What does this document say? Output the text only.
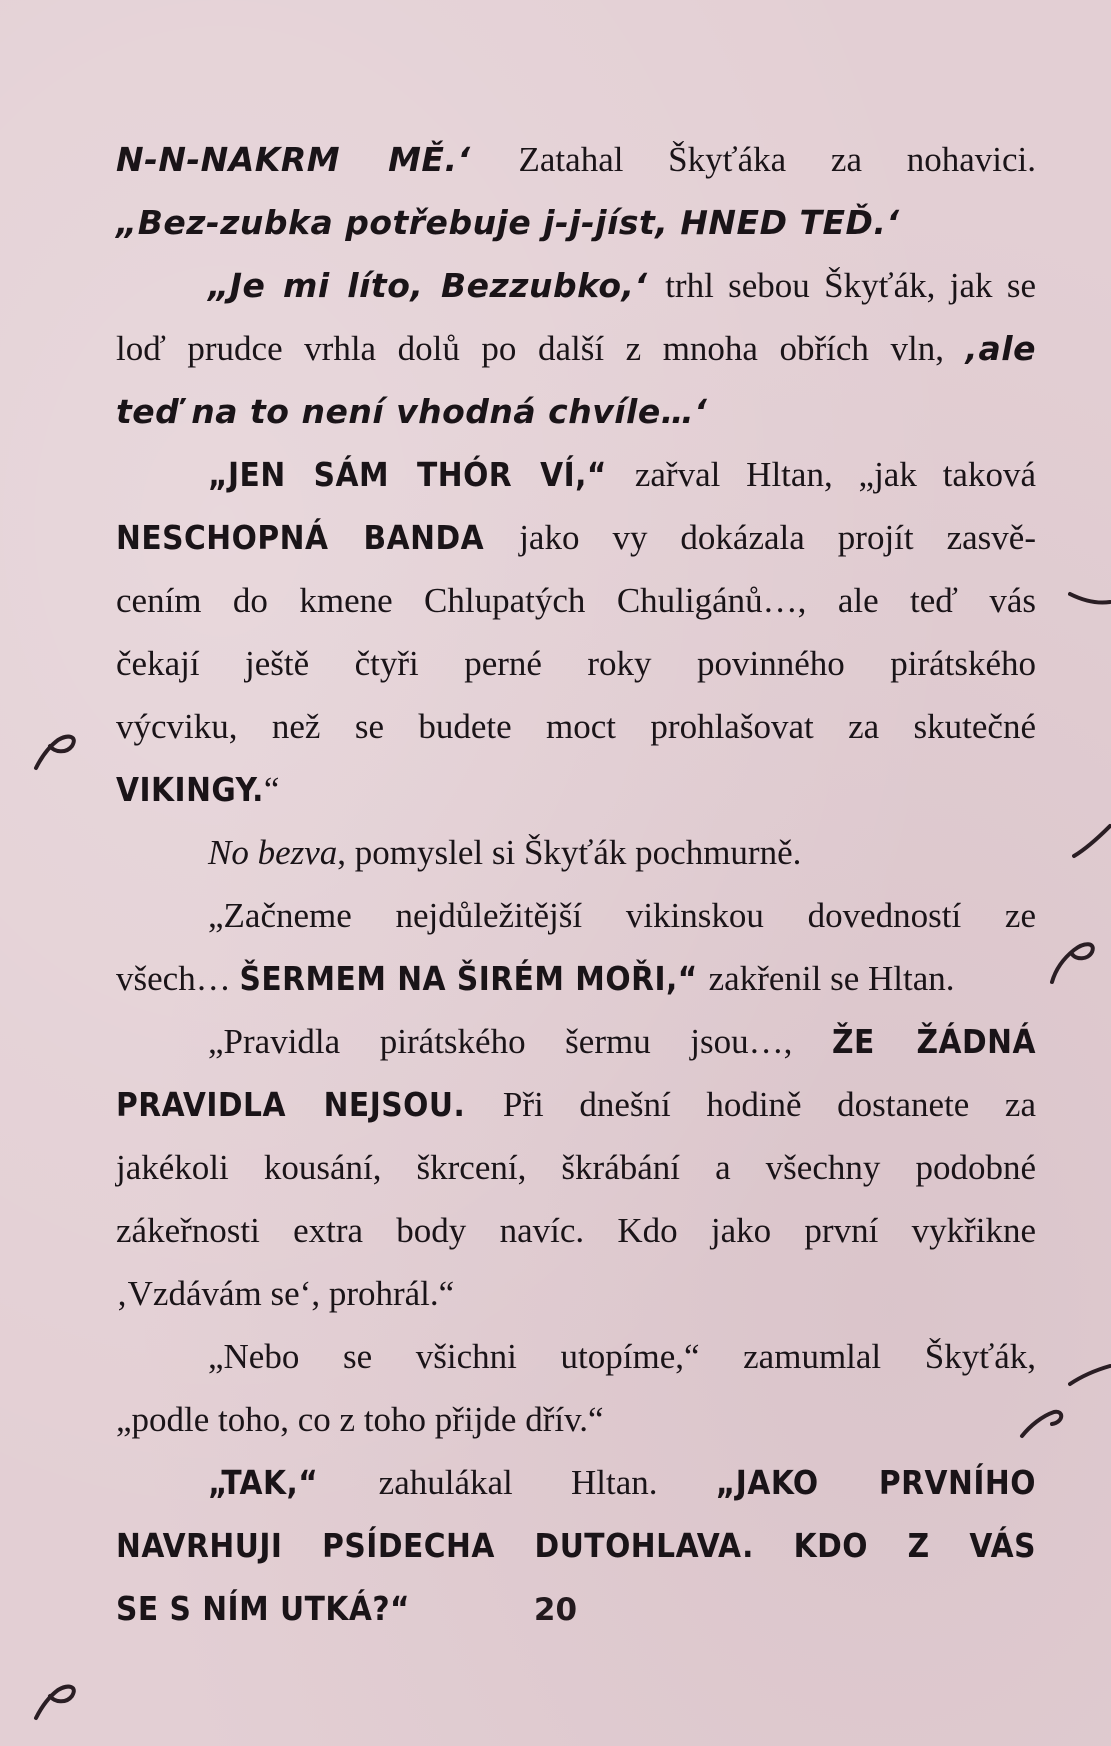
N-N-NAKRM MĚ.‘ Zatahal Škyťáka za nohavici.
„Bez-zubka potřebuje j-j-jíst, HNED TEĎ.‘
„Je mi líto, Bezzubko,‘ trhl sebou Škyťák, jak se
loď prudce vrhla dolů po další z mnoha obřích vln, ‚ale
teď na to není vhodná chvíle…‘
„JEN SÁM THÓR VÍ,“ zařval Hltan, „jak taková
NESCHOPNÁ BANDA jako vy dokázala projít zasvě-
cením do kmene Chlupatých Chuligánů…, ale teď vás
čekají ještě čtyři perné roky povinného pirátského
výcviku, než se budete moct prohlašovat za skutečné
VIKINGY.“
No bezva, pomyslel si Škyťák pochmurně.
„Začneme nejdůležitější vikinskou dovedností ze
všech… ŠERMEM NA ŠIRÉM MOŘI,“ zakřenil se Hltan.
„Pravidla pirátského šermu jsou…, ŽE ŽÁDNÁ
PRAVIDLA NEJSOU. Při dnešní hodině dostanete za
jakékoli kousání, škrcení, škrábání a všechny podobné
zákeřnosti extra body navíc. Kdo jako první vykřikne
‚Vzdávám se‘, prohrál.“
„Nebo se všichni utopíme,“ zamumlal Škyťák,
„podle toho, co z toho přijde dřív.“
„TAK,“ zahulákal Hltan. „JAKO PRVNÍHO
NAVRHUJI PSÍDECHA DUTOHLAVA. KDO Z VÁS
SE S NÍM UTKÁ?“	20
